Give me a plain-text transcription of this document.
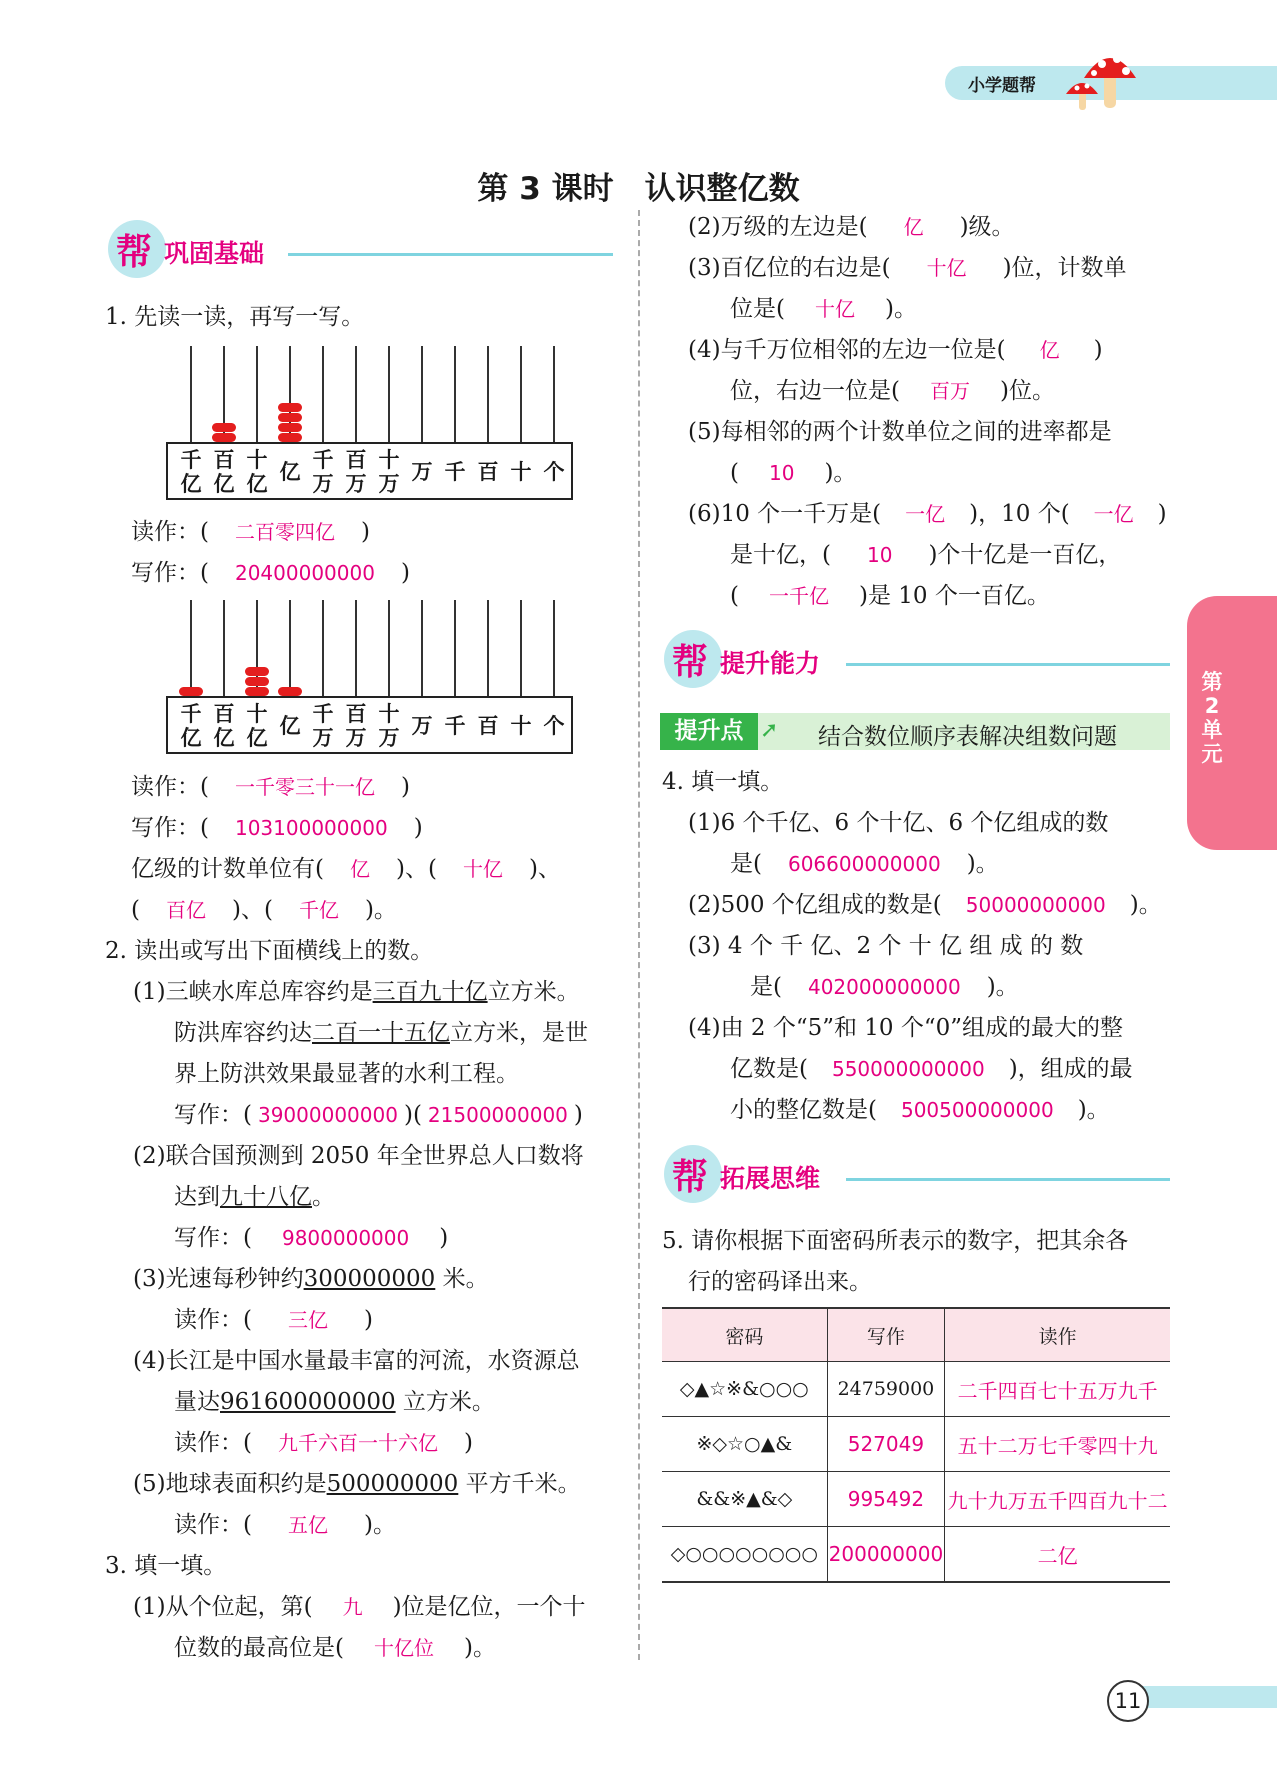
小学题帮
第 3 课时　认识整亿数
帮 巩固基础
1. 先读一读，再写一写。
千
亿
百
亿
十
亿 亿 千
万
百
万
十
万 万 千 百 十 个
读作：( 二百零四亿 )
写作：( 20400000000 )
千
亿
百
亿
十
亿 亿 千
万
百
万
十
万 万 千 百 十 个
读作：( 一千零三十一亿 )
写作：( 103100000000 )
亿级的计数单位有( 亿 )、( 十亿 )、
( 百亿 )、( 千亿 )。
2. 读出或写出下面横线上的数。
(1)三峡水库总库容约是三百九十亿立方米。
防洪库容约达二百一十五亿立方米，是世
界上防洪效果最显著的水利工程。
写作：( 39000000000 )( 21500000000 )
(2)联合国预测到 2050 年全世界总人口数将
达到九十八亿。
写作：( 9800000000 )
(3)光速每秒钟约300000000 米。
读作：( 三亿 )
(4)长江是中国水量最丰富的河流，水资源总
量达961600000000 立方米。
读作：( 九千六百一十六亿 )
(5)地球表面积约是500000000 平方千米。
读作：( 五亿 )。
3. 填一填。
(1)从个位起，第( 九 )位是亿位，一个十
位数的最高位是( 十亿位 )。
(2)万级的左边是( 亿 )级。
(3)百亿位的右边是( 十亿 )位，计数单
位是( 十亿 )。
(4)与千万位相邻的左边一位是( 亿 )
位，右边一位是( 百万 )位。
(5)每相邻的两个计数单位之间的进率都是
( 10 )。
(6)10 个一千万是( 一亿 )，10 个( 一亿 )
是十亿，( 10 )个十亿是一百亿，
( 一千亿 )是 10 个一百亿。
帮 提升能力
提升点 ➚ 结合数位顺序表解决组数问题
4. 填一填。
(1)6 个千亿、6 个十亿、6 个亿组成的数
是( 606600000000 )。
(2)500 个亿组成的数是( 50000000000 )。
(3) 4 个 千 亿、2 个 十 亿 组 成 的 数
是( 402000000000 )。
(4)由 2 个“5”和 10 个“0”组成的最大的整
亿数是( 550000000000 )，组成的最
小的整亿数是( 500500000000 )。
帮 拓展思维
5. 请你根据下面密码所表示的数字，把其余各
行的密码译出来。
密码	写作	读作
◇▲☆※&○○○	24759000	二千四百七十五万九千
※◇☆○▲&	527049	五十二万七千零四十九
&&※▲&◇	995492	九十九万五千四百九十二
◇○○○○○○○○	200000000	二亿
第2单元
11
